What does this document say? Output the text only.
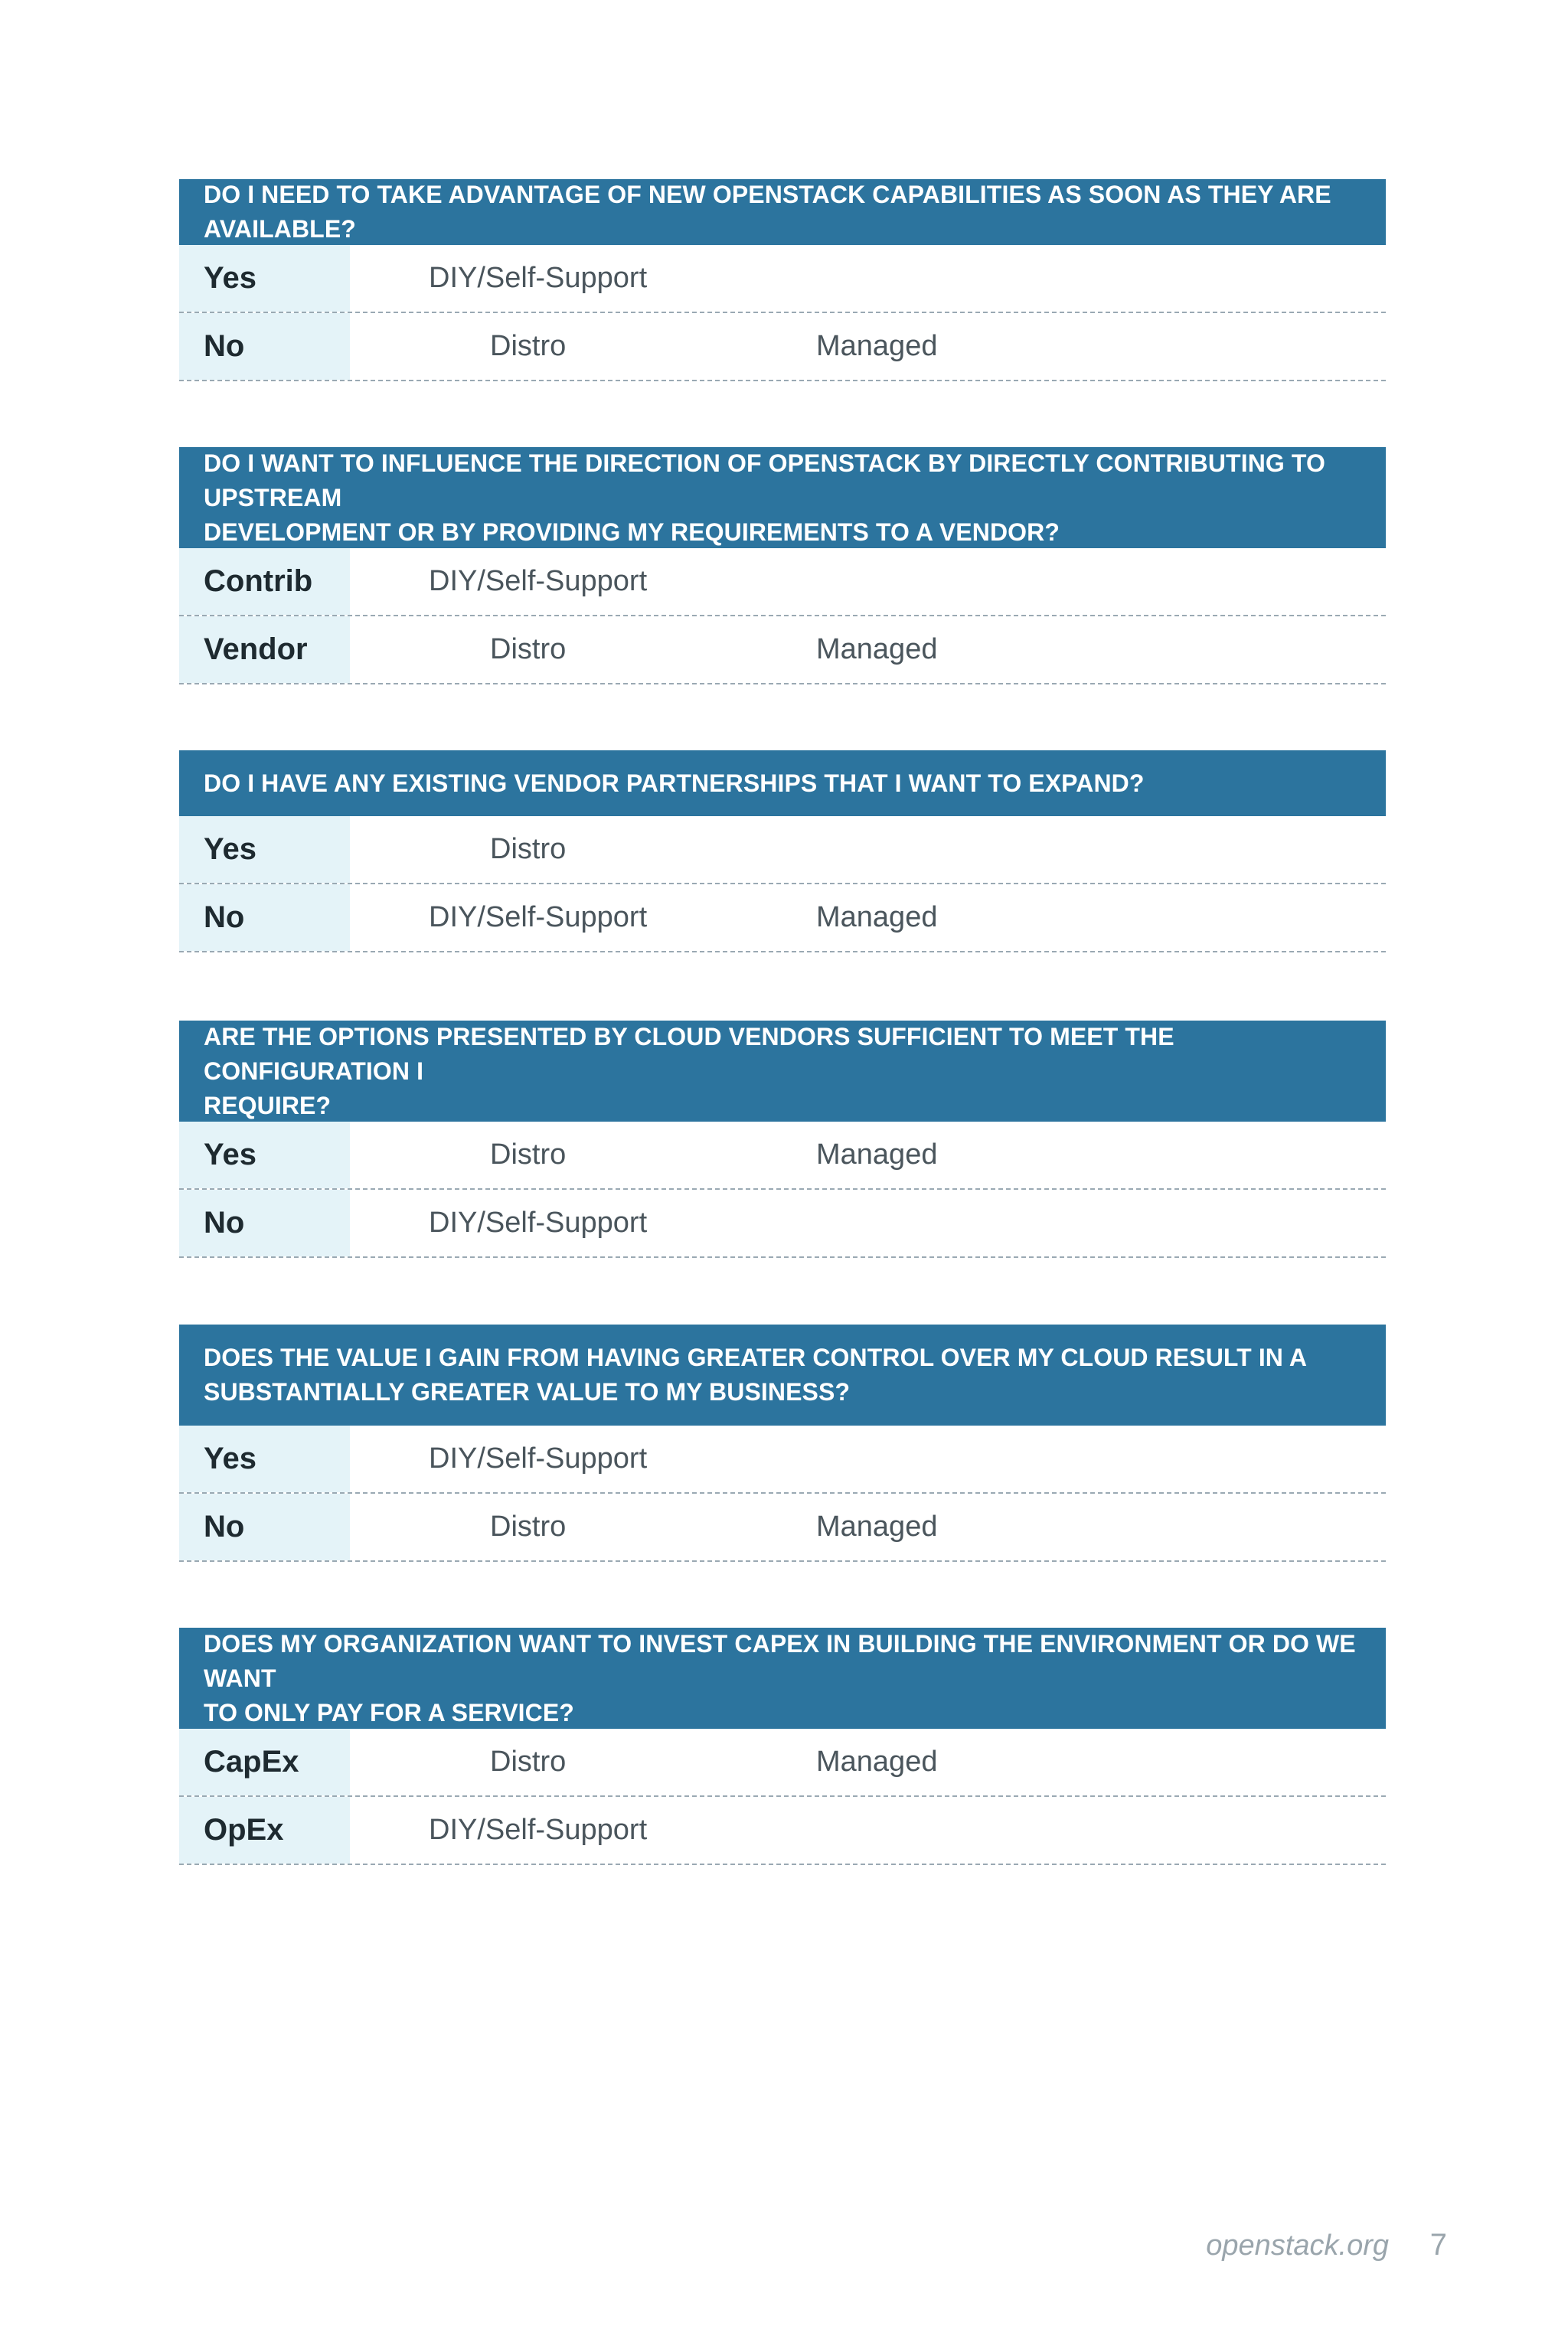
DO I NEED TO TAKE ADVANTAGE OF NEW OPENSTACK CAPABILITIES AS SOON AS THEY ARE AVAILABLE?
Yes	DIY/Self-Support
No	Distro	Managed
DO I WANT TO INFLUENCE THE DIRECTION OF OPENSTACK BY DIRECTLY CONTRIBUTING TO UPSTREAM
DEVELOPMENT OR BY PROVIDING MY REQUIREMENTS TO A VENDOR?
Contrib	DIY/Self-Support
Vendor	Distro	Managed
DO I HAVE ANY EXISTING VENDOR PARTNERSHIPS THAT I WANT TO EXPAND?
Yes	Distro
No	DIY/Self-Support	Managed
ARE THE OPTIONS PRESENTED BY CLOUD VENDORS SUFFICIENT TO MEET THE CONFIGURATION I
REQUIRE?
Yes	Distro	Managed
No	DIY/Self-Support
DOES THE VALUE I GAIN FROM HAVING GREATER CONTROL OVER MY CLOUD RESULT IN A
SUBSTANTIALLY GREATER VALUE TO MY BUSINESS?
Yes	DIY/Self-Support
No	Distro	Managed
DOES MY ORGANIZATION WANT TO INVEST CAPEX IN BUILDING THE ENVIRONMENT OR DO WE WANT
TO ONLY PAY FOR A SERVICE?
CapEx	Distro	Managed
OpEx	DIY/Self-Support
openstack.org 7
